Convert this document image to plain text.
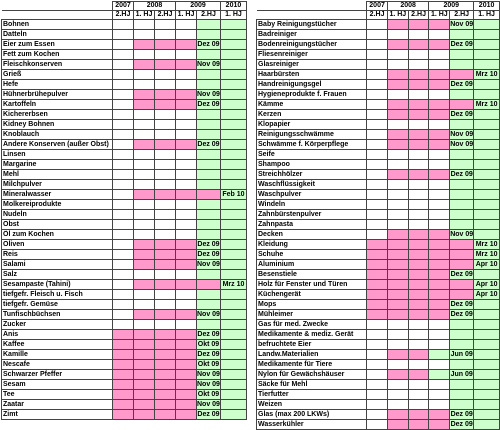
	2007	2008		2009		2010
	2.HJ	1. HJ	2.HJ	1. HJ	2.HJ	1. HJ
Bohnen						
Datteln						
Eier zum Essen					Dez 09	
Fett zum Kochen						
Fleischkonserven					Nov 09	
Grieß						
Hefe						
Hühnerbrühepulver					Nov 09	
Kartoffeln					Dez 09	
Kichererbsen						
Kidney Bohnen						
Knoblauch						
Andere Konserven (außer Obst)					Dez 09	
Linsen						
Margarine						
Mehl						
Milchpulver						
Mineralwasser						Feb 10
Molkereiprodukte						
Nudeln						
Obst						
Öl zum Kochen						
Oliven					Dez 09	
Reis					Dez 09	
Salami					Nov 09	
Salz						
Sesampaste (Tahini)						Mrz 10
tiefgefr. Fleisch u. Fisch						
tiefgefr. Gemüse						
Tunfischbüchsen					Nov 09	
Zucker						
Anis					Dez 09	
Kaffee					Okt 09	
Kamille					Dez 09	
Nescafe					Okt 09	
Schwarzer Pfeffer					Nov 09	
Sesam					Nov 09	
Tee					Okt 09	
Zaatar					Nov 09	
Zimt					Dez 09	
	2007	2008		2009		2010
	2.HJ	1. HJ	2.HJ	1. HJ	2.HJ	1. HJ
Baby Reinigungstücher					Nov 09	
Badreiniger						
Bodenreinigungstücher					Dez 09	
Fliesenreiniger						
Glasreiniger						
Haarbürsten						Mrz 10
Handreinigungsgel					Dez 09	
Hygieneprodukte f. Frauen						
Kämme						Mrz 10
Kerzen					Dez 09	
Klopapier						
Reinigungsschwämme					Nov 09	
Schwämme f. Körperpflege					Nov 09	
Seife						
Shampoo						
Streichhölzer					Dez 09	
Waschflüssigkeit						
Waschpulver						
Windeln						
Zahnbürstenpulver						
Zahnpasta						
Decken					Nov 09	
Kleidung						Mrz 10
Schuhe						Mrz 10
Aluminium						Apr 10
Besenstiele					Dez 09	
Holz für Fenster und Türen						Apr 10
Küchengerät						Apr 10
Mops					Dez 09	
Mühleimer					Dez 09	
Gas für med. Zwecke						
Medikamente & mediz. Gerät						
befruchtete Eier						
Landw.Materialien					Jun 09	
Medikamente für Tiere						
Nylon für Gewächshäuser					Jun 09	
Säcke für Mehl						
Tierfutter						
Weizen						
Glas (max 200 LKWs)					Dez 09	
Wasserkühler					Dez 09	
